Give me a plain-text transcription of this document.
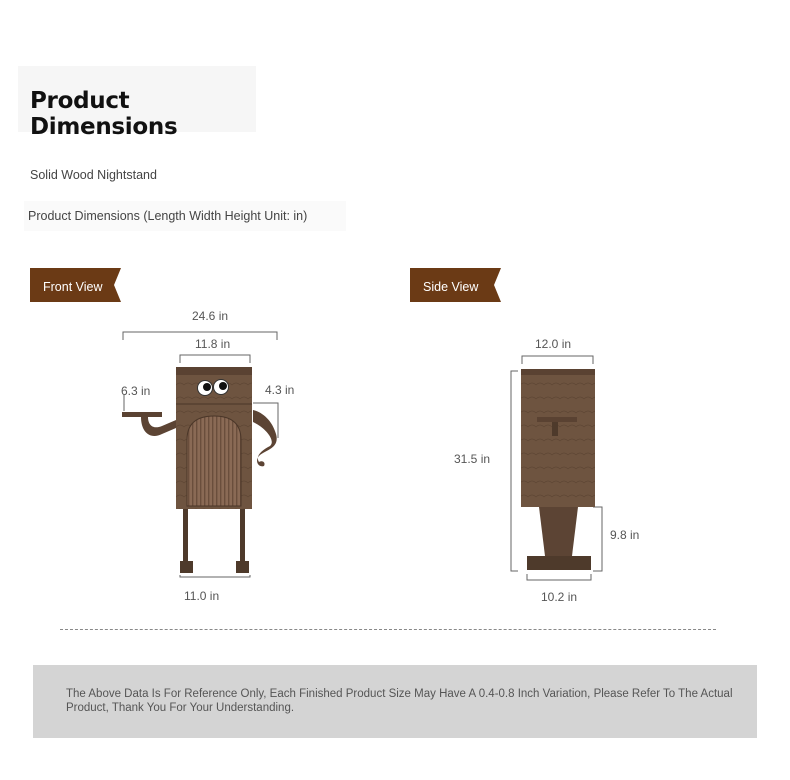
Product Dimensions
Solid Wood Nightstand
Product Dimensions (Length Width Height Unit: in)
Front View	Side View
24.6 in
11.8 in
6.3 in	4.3 in
11.0 in
12.0 in
31.5 in
9.8 in
10.2 in
The Above Data Is For Reference Only, Each Finished Product Size May Have A 0.4-0.8 Inch Variation, Please Refer To The Actual Product, Thank You For Your Understanding.
